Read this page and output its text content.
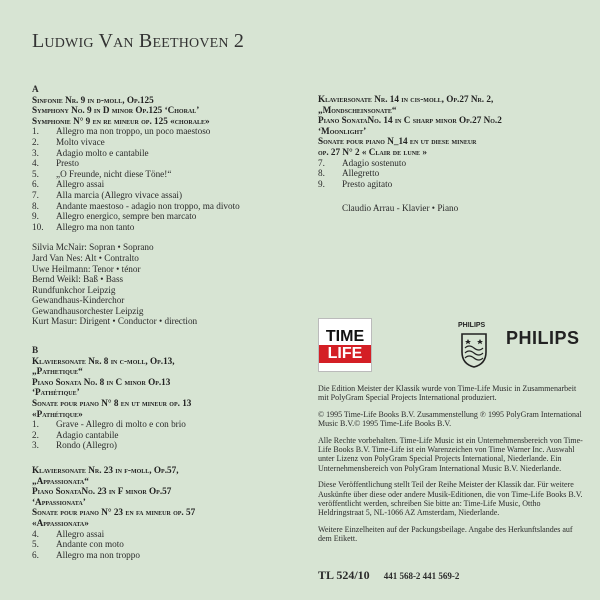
Ludwig Van Beethoven 2
A
Sinfonie Nr. 9 in d-moll, Op.125
Symphony No. 9 in D minor Op.125 ‘Choral’
Symphonie N° 9 en re mineur op. 125 «chorale»
1.	Allegro ma non troppo, un poco maestoso
2.	Molto vivace
3.	Adagio molto e cantabile
4.	Presto
5.	„O Freunde, nicht diese Töne!“
6.	Allegro assai
7.	Alla marcia (Allegro vivace assai)
8.	Andante maestoso - adagio non troppo, ma divoto
9.	Allegro energico, sempre ben marcato
10.	Allegro ma non tanto
Silvia McNair: Sopran • Soprano
Jard Van Nes: Alt • Contralto
Uwe Heilmann: Tenor • ténor
Bernd Weikl: Baß • Bass
Rundfunkchor Leipzig
Gewandhaus-Kinderchor
Gewandhausorchester Leipzig
Kurt Masur: Dirigent • Conductor • direction
B
Klaviersonate Nr. 8 in c-moll, Op.13,
„Pathetique“
Piano Sonata No. 8 in C minor Op.13
‘Pathétique’
Sonate pour piano N° 8 en ut mineur op. 13
«Pathétique»
1.	Grave - Allegro di molto e con brio
2.	Adagio cantabile
3.	Rondo (Allegro)
Klaviersonate Nr. 23 in f-moll, Op.57,
„Appassionata“
Piano SonataNo. 23 in F minor Op.57
‘Appassionata’
Sonate pour piano N° 23 en fa mineur op. 57
«Appassionata»
4.	Allegro assai
5.	Andante con moto
6.	Allegro ma non troppo
Klaviersonate Nr. 14 in cis-moll, Op.27 Nr. 2,
„Mondscheinsonate“
Piano SonataNo. 14 in C sharp minor Op.27 No.2
‘Moonlight’
Sonate pour piano N_14 en ut diese mineur
op. 27 N° 2 « Clair de lune »
7.	Adagio sostenuto
8.	Allegretto
9.	Presto agitato
Claudio Arrau - Klavier • Piano
TIME
LIFE
PHILIPS
PHILIPS

Die Edition Meister der Klassik wurde von Time-Life Music in Zusammenarbeit mit PolyGram Special Projects International produziert.

© 1995 Time-Life Books B.V. Zusammenstellung ℗ 1995 PolyGram International Music B.V.© 1995 Time-Life Books B.V.

Alle Rechte vorbehalten. Time-Life Music ist ein Unternehmensbereich von Time-Life Books B.V. Time-Life ist ein Warenzeichen von Time Warner Inc. Auswahl unter Lizenz von PolyGram Special Projects International, Niederlande. Ein Unternehmensbereich von PolyGram International Music B.V. Niederlande.

Diese Veröffentlichung stellt Teil der Reihe Meister der Klassik dar. Für weitere Auskünfte über diese oder andere Musik-Editionen, die von Time-Life Books B.V. veröffentlicht werden, schreiben Sie bitte an: Time-Life Music, Ottho Heldringstraat 5, NL-1066 AZ Amsterdam, Niederlande.

Weitere Einzelheiten auf der Packungsbeilage. Angabe des Herkunftslandes auf dem Etikett.

TL 524/10 441 568-2 441 569-2
